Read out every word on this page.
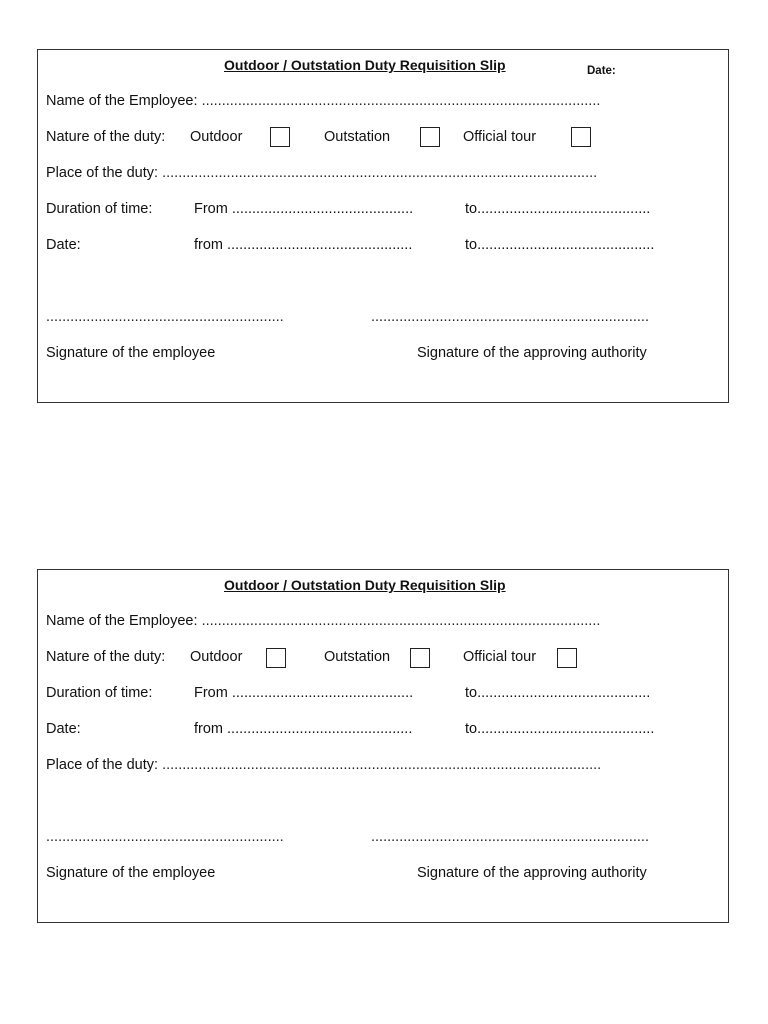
Outdoor / Outstation Duty Requisition Slip	Date:
Name of the Employee: ...................................................................................................
Nature of the duty: Outdoor	Outstation	Official tour
Place of the duty: ............................................................................................................
Duration of time:	From .............................................	to...........................................
Date:	from ..............................................	to............................................
...........................................................	.....................................................................
Signature of the employee	Signature of the approving authority
Outdoor / Outstation Duty Requisition Slip
Name of the Employee: ...................................................................................................
Nature of the duty: Outdoor	Outstation	Official tour
Duration of time:	From .............................................	to...........................................
Date:	from ..............................................	to............................................
Place of the duty: .............................................................................................................
...........................................................	.....................................................................
Signature of the employee	Signature of the approving authority
